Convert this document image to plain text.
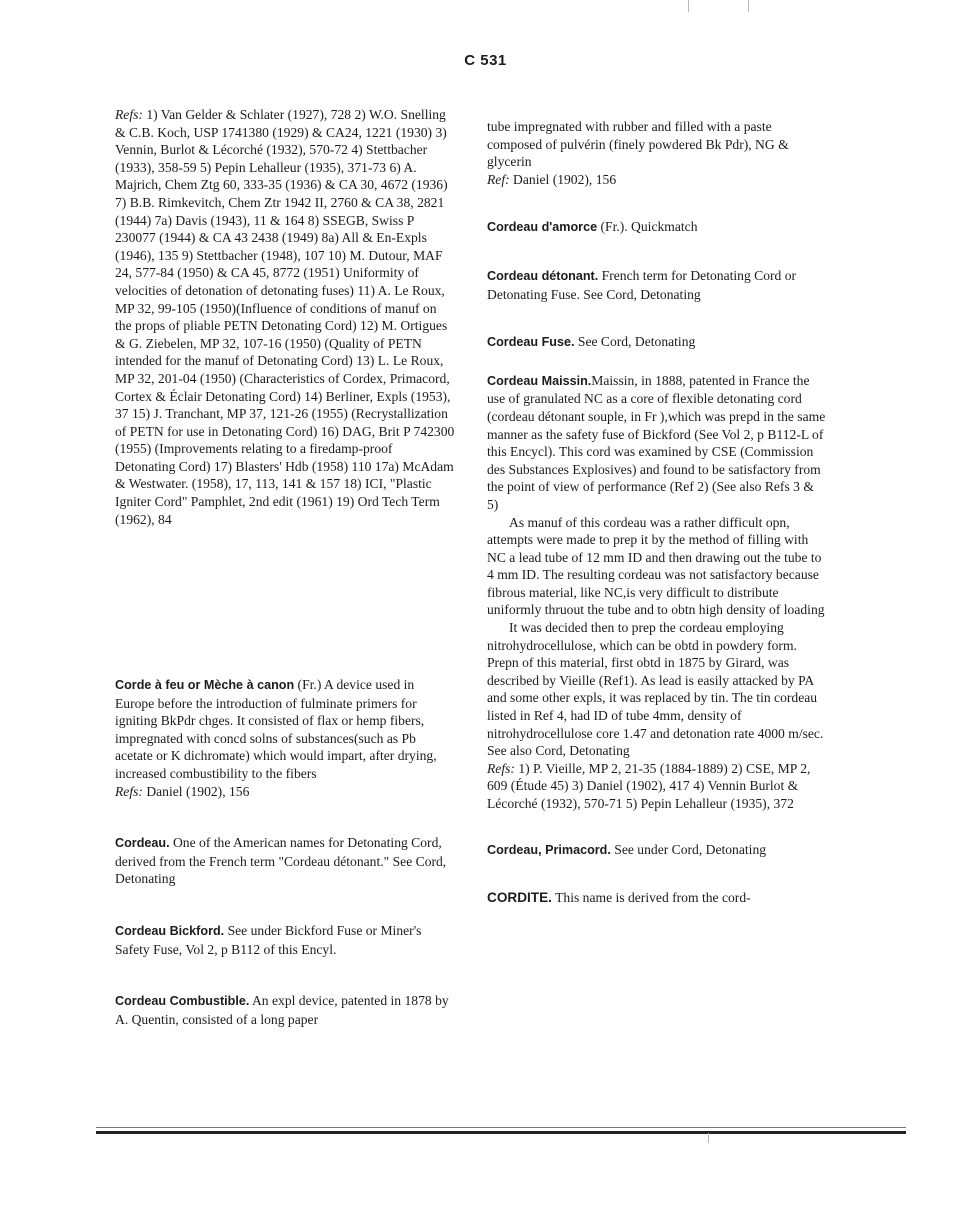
C 531

Refs: 1) Van Gelder & Schlater (1927), 728 2) W.O. Snelling & C.B. Koch, USP 1741380 (1929) & CA24, 1221 (1930) 3) Vennin, Burlot & Lécorché (1932), 570-72 4) Stettbacher (1933), 358-59 5) Pepin Lehalleur (1935), 371-73 6) A. Majrich, Chem Ztg 60, 333-35 (1936) & CA 30, 4672 (1936) 7) B.B. Rimkevitch, Chem Ztr 1942 II, 2760 & CA 38, 2821 (1944) 7a) Davis (1943), 11 & 164 8) SSEGB, Swiss P 230077 (1944) & CA 43 2438 (1949) 8a) All & En-Expls (1946), 135 9) Stettbacher (1948), 107 10) M. Dutour, MAF 24, 577-84 (1950) & CA 45, 8772 (1951) Uniformity of velocities of detonation of detonating fuses) 11) A. Le Roux, MP 32, 99-105 (1950)(Influence of conditions of manuf on the props of pliable PETN Detonating Cord) 12) M. Ortigues & G. Ziebelen, MP 32, 107-16 (1950) (Quality of PETN intended for the manuf of Detonating Cord) 13) L. Le Roux, MP 32, 201-04 (1950) (Characteristics of Cordex, Primacord, Cortex & Éclair Detonating Cord) 14) Berliner, Expls (1953), 37 15) J. Tranchant, MP 37, 121-26 (1955) (Recrystallization of PETN for use in Detonating Cord) 16) DAG, Brit P 742300 (1955) (Improvements relating to a firedamp-proof Detonating Cord) 17) Blasters' Hdb (1958) 110 17a) McAdam & Westwater. (1958), 17, 113, 141 & 157 18) ICI, "Plastic Igniter Cord" Pamphlet, 2nd edit (1961) 19) Ord Tech Term (1962), 84

Corde à feu or Mèche à canon (Fr.) A device used in Europe before the introduction of fulminate primers for igniting BkPdr chges. It consisted of flax or hemp fibers, impregnated with concd solns of substances(such as Pb acetate or K dichromate) which would impart, after drying, increased combustibility to the fibers
Refs: Daniel (1902), 156

Cordeau. One of the American names for Detonating Cord, derived from the French term "Cordeau détonant." See Cord, Detonating

Cordeau Bickford. See under Bickford Fuse or Miner's Safety Fuse, Vol 2, p B112 of this Encyl.

Cordeau Combustible. An expl device, patented in 1878 by A. Quentin, consisted of a long paper

tube impregnated with rubber and filled with a paste composed of pulvérin (finely powdered Bk Pdr), NG & glycerin
Ref: Daniel (1902), 156

Cordeau d'amorce (Fr.). Quickmatch

Cordeau détonant. French term for Detonating Cord or Detonating Fuse. See Cord, Detonating

Cordeau Fuse. See Cord, Detonating

Cordeau Maissin.Maissin, in 1888, patented in France the use of granulated NC as a core of flexible detonating cord (cordeau détonant souple, in Fr ),which was prepd in the same manner as the safety fuse of Bickford (See Vol 2, p B112-L of this Encycl). This cord was examined by CSE (Commission des Substances Explosives) and found to be satisfactory from the point of view of performance (Ref 2) (See also Refs 3 & 5)

As manuf of this cordeau was a rather difficult opn, attempts were made to prep it by the method of filling with NC a lead tube of 12 mm ID and then drawing out the tube to 4 mm ID. The resulting cordeau was not satisfactory because fibrous material, like NC,is very difficult to distribute uniformly thruout the tube and to obtn high density of loading

It was decided then to prep the cordeau employing nitrohydrocellulose, which can be obtd in powdery form. Prepn of this material, first obtd in 1875 by Girard, was described by Vieille (Ref1). As lead is easily attacked by PA and some other expls, it was replaced by tin. The tin cordeau listed in Ref 4, had ID of tube 4mm, density of nitrohydrocellulose core 1.47 and detonation rate 4000 m/sec. See also Cord, Detonating

Refs: 1) P. Vieille, MP 2, 21-35 (1884-1889) 2) CSE, MP 2, 609 (Étude 45) 3) Daniel (1902), 417 4) Vennin Burlot & Lécorché (1932), 570-71 5) Pepin Lehalleur (1935), 372

Cordeau, Primacord. See under Cord, Detonating

CORDITE. This name is derived from the cord-
